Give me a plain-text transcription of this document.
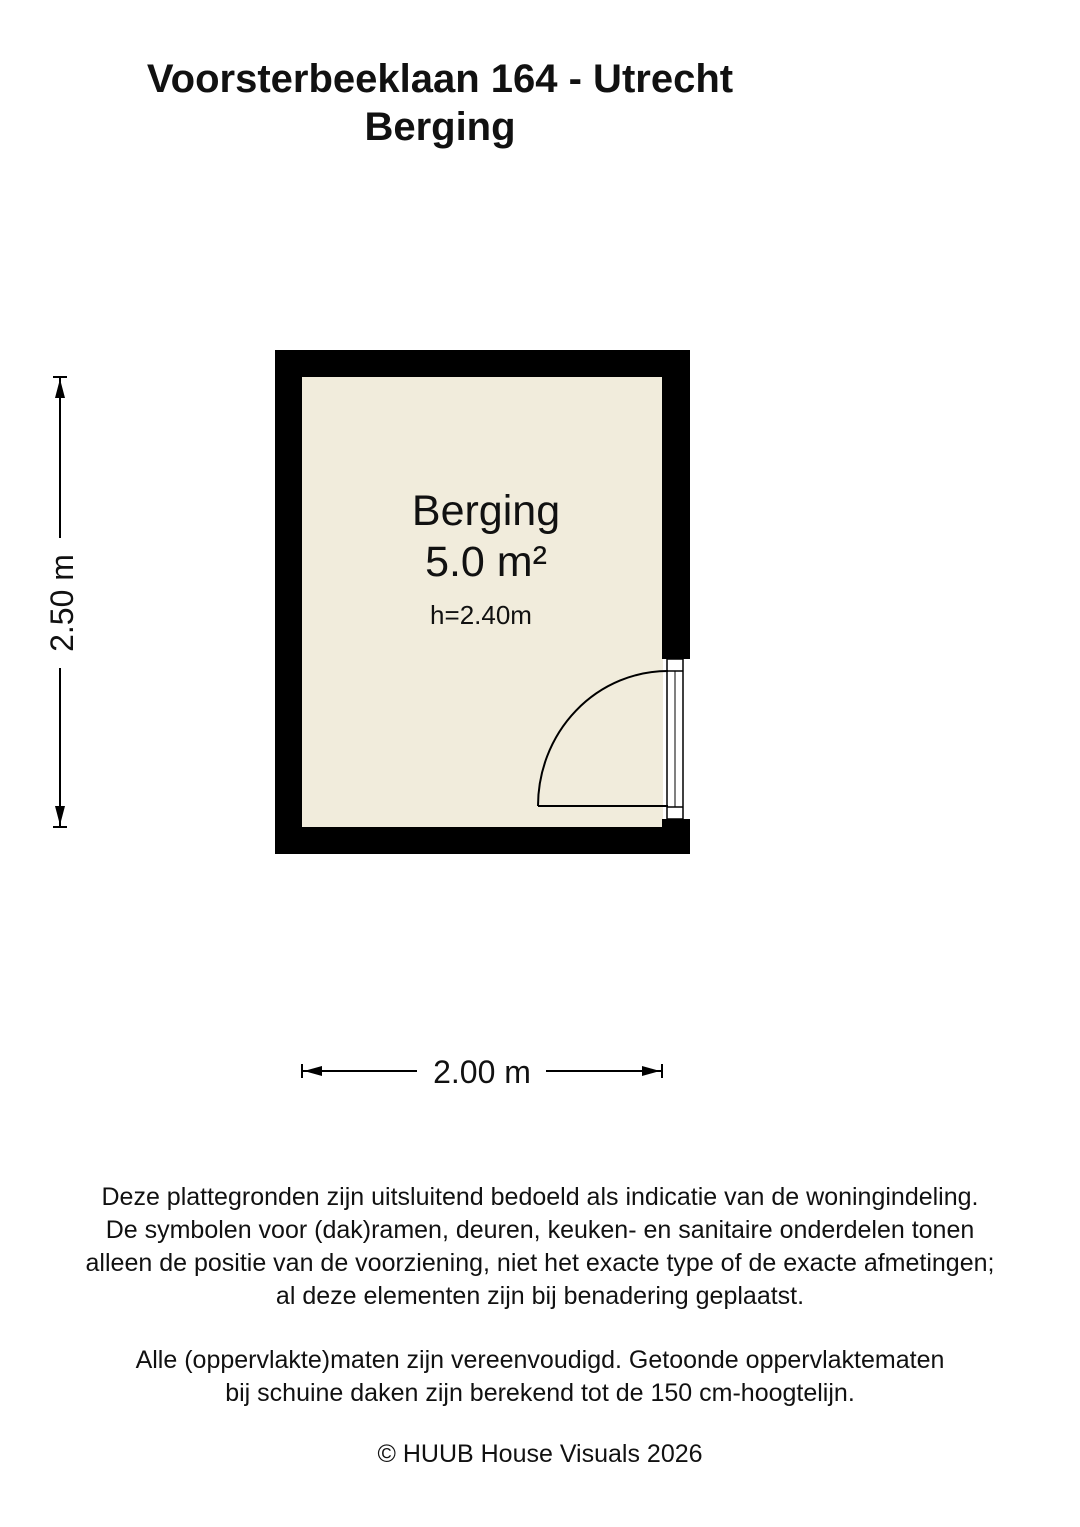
Voorsterbeeklaan 164 - Utrecht
Berging
Berging
5.0 m²
h=2.40m
2.50 m
2.00 m
Deze plattegronden zijn uitsluitend bedoeld als indicatie van de woningindeling.
De symbolen voor (dak)ramen, deuren, keuken- en sanitaire onderdelen tonen
alleen de positie van de voorziening, niet het exacte type of de exacte afmetingen;
al deze elementen zijn bij benadering geplaatst.
Alle (oppervlakte)maten zijn vereenvoudigd. Getoonde oppervlaktematen
bij schuine daken zijn berekend tot de 150 cm-hoogtelijn.
© HUUB House Visuals 2026
